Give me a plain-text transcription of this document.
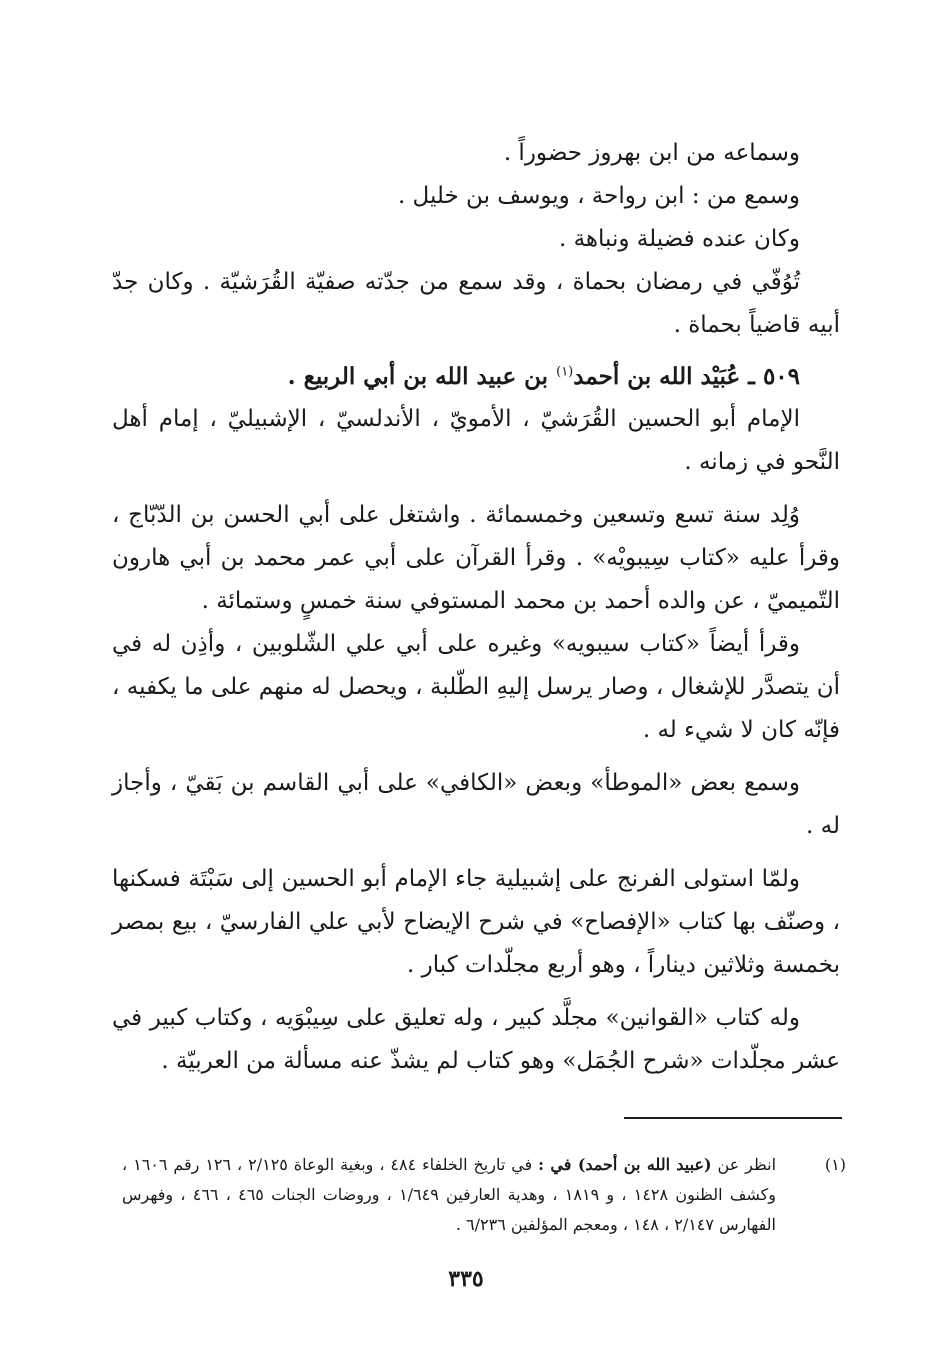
وسماعه من ابن بهروز حضوراً .

وسمع من : ابن رواحة ، ويوسف بن خليل .

وكان عنده فضيلة ونباهة .

تُوُفّي في رمضان بحماة ، وقد سمع من جدّته صفيّة القُرَشيّة . وكان جدّ أبيه قاضياً بحماة .

٥٠٩ ـ عُبَيْد الله بن أحمد$^{(١)}$ بن عبيد الله بن أبي الربيع .

الإمام أبو الحسين القُرَشيّ ، الأمويّ ، الأندلسيّ ، الإشبيليّ ، إمام أهل النَّحو في زمانه .

وُلِد سنة تسع وتسعين وخمسمائة . واشتغل على أبي الحسن بن الدّبّاج ، وقرأ عليه «كتاب سِيبويْه» . وقرأ القرآن على أبي عمر محمد بن أبي هارون التّميميّ ، عن والده أحمد بن محمد المستوفي سنة خمسٍ وستمائة .

وقرأ أيضاً «كتاب سيبويه» وغيره على أبي علي الشّلوبين ، وأذِن له في أن يتصدَّر للإشغال ، وصار يرسل إليهِ الطّلبة ، ويحصل له منهم على ما يكفيه ، فإنّه كان لا شيء له .

وسمع بعض «الموطأ» وبعض «الكافي» على أبي القاسم بن بَقيّ ، وأجاز له .

ولمّا استولى الفرنج على إشبيلية جاء الإمام أبو الحسين إلى سَبْتَة فسكنها ، وصنّف بها كتاب «الإفصاح» في شرح الإيضاح لأبي علي الفارسيّ ، بيع بمصر بخمسة وثلاثين ديناراً ، وهو أربع مجلّدات كبار .

وله كتاب «القوانين» مجلَّد كبير ، وله تعليق على سِيبْوَيه ، وكتاب كبير في عشر مجلّدات «شرح الجُمَل» وهو كتاب لم يشذّ عنه مسألة من العربيّة .

(١)
انظر عن (عبيد الله بن أحمد) في : في تاريخ الخلفاء ٤٨٤ ، وبغية الوعاة ٢/١٢٥ ، ١٢٦ رقم ١٦٠٦ ، وكشف الظنون ١٤٢٨ ، و ١٨١٩ ، وهدية العارفين ١/٦٤٩ ، وروضات الجنات ٤٦٥ ، ٤٦٦ ، وفهرس الفهارس ٢/١٤٧ ، ١٤٨ ، ومعجم المؤلفين ٦/٢٣٦ .
٣٣٥
